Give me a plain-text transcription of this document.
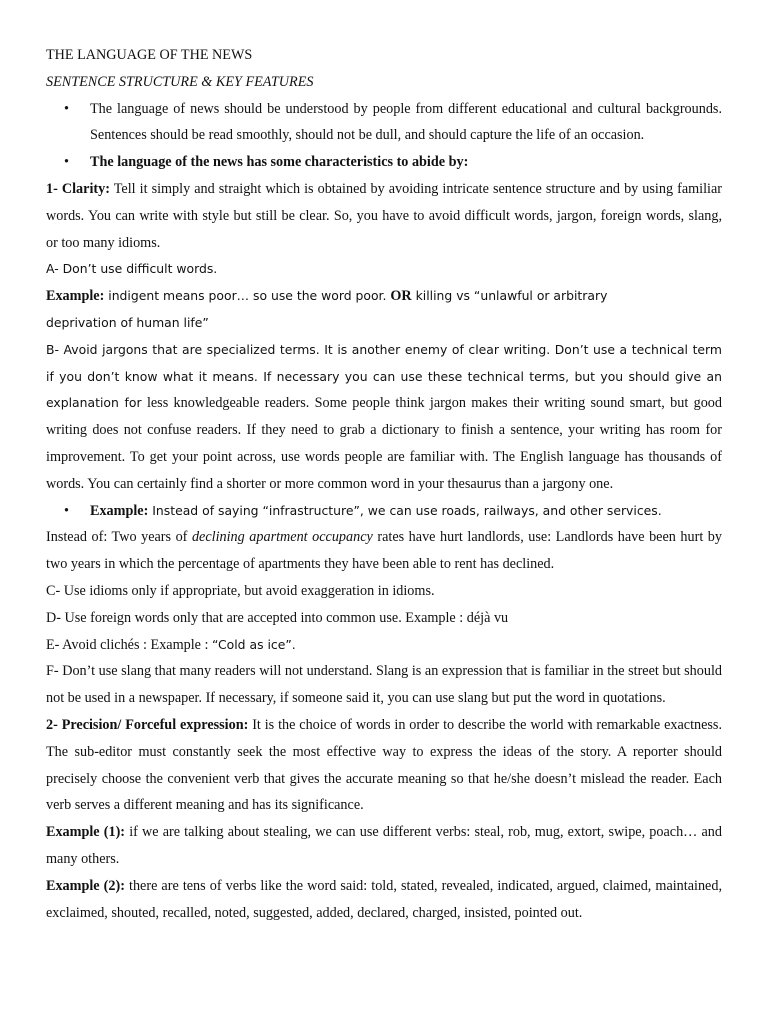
THE LANGUAGE OF THE NEWS

SENTENCE STRUCTURE & KEY FEATURES

• The language of news should be understood by people from different educational and cultural backgrounds. Sentences should be read smoothly, should not be dull, and should capture the life of an occasion.

• The language of the news has some characteristics to abide by:

1- Clarity: Tell it simply and straight which is obtained by avoiding intricate sentence structure and by using familiar words. You can write with style but still be clear. So, you have to avoid difficult words, jargon, foreign words, slang, or too many idioms.

A- Don’t use difficult words.

Example: indigent means poor… so use the word poor. OR killing vs “unlawful or arbitrary

deprivation of human life”

B- Avoid jargons that are specialized terms. It is another enemy of clear writing. Don’t use a technical term if you don’t know what it means. If necessary you can use these technical terms, but you should give an explanation for less knowledgeable readers. Some people think jargon makes their writing sound smart, but good writing does not confuse readers. If they need to grab a dictionary to finish a sentence, your writing has room for improvement. To get your point across, use words people are familiar with. The English language has thousands of words. You can certainly find a shorter or more common word in your thesaurus than a jargony one.

• Example: Instead of saying “infrastructure”, we can use roads, railways, and other services.

Instead of: Two years of declining apartment occupancy rates have hurt landlords, use: Landlords have been hurt by two years in which the percentage of apartments they have been able to rent has declined.

C- Use idioms only if appropriate, but avoid exaggeration in idioms.

D- Use foreign words only that are accepted into common use. Example : déjà vu

E- Avoid clichés : Example : “Cold as ice”.

F- Don’t use slang that many readers will not understand. Slang is an expression that is familiar in the street but should not be used in a newspaper. If necessary, if someone said it, you can use slang but put the word in quotations.

2- Precision/ Forceful expression: It is the choice of words in order to describe the world with remarkable exactness. The sub-editor must constantly seek the most effective way to express the ideas of the story. A reporter should precisely choose the convenient verb that gives the accurate meaning so that he/she doesn’t mislead the reader. Each verb serves a different meaning and has its significance.

Example (1): if we are talking about stealing, we can use different verbs: steal, rob, mug, extort, swipe, poach… and many others.

Example (2): there are tens of verbs like the word said: told, stated, revealed, indicated, argued, claimed, maintained, exclaimed, shouted, recalled, noted, suggested, added, declared, charged, insisted, pointed out.
